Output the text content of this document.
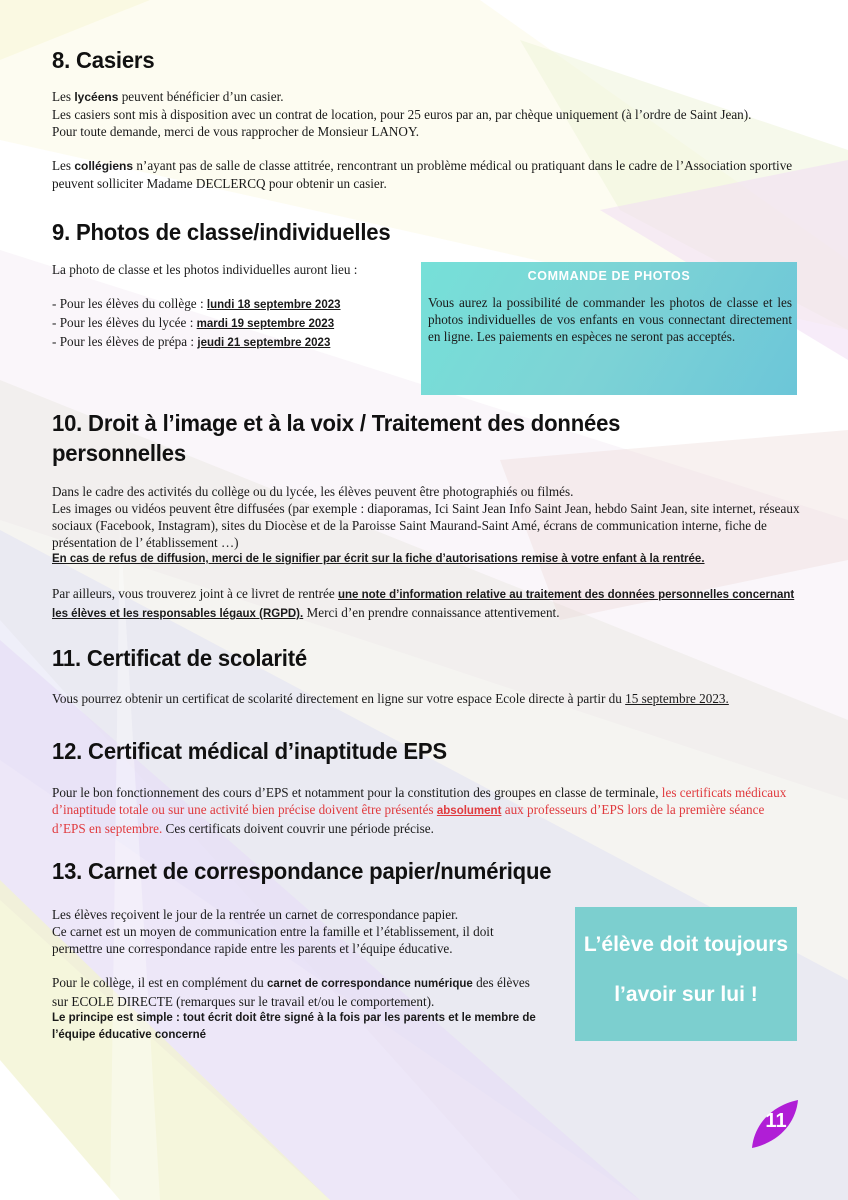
8. Casiers
Les lycéens peuvent bénéficier d’un casier.
Les casiers sont mis à disposition avec un contrat de location, pour 25 euros par an, par chèque uniquement (à l’ordre de Saint Jean).
Pour toute demande, merci de vous rapprocher de Monsieur LANOY.
Les collégiens n’ayant pas de salle de classe attitrée, rencontrant un problème médical ou pratiquant dans le cadre de l’Association sportive peuvent solliciter Madame DECLERCQ pour obtenir un casier.
9. Photos de classe/individuelles
La photo de classe et les photos individuelles auront lieu :
- Pour les élèves du collège : lundi 18 septembre 2023
- Pour les élèves du lycée : mardi 19 septembre 2023
- Pour les élèves de prépa : jeudi 21 septembre 2023
COMMANDE DE PHOTOS
Vous aurez la possibilité de commander les photos de classe et les photos individuelles de vos enfants en vous connectant directement en ligne. Les paiements en espèces ne seront pas acceptés.
10. Droit à l’image et à la voix / Traitement des données
personnelles
Dans le cadre des activités du collège ou du lycée, les élèves peuvent être photographiés ou filmés.
Les images ou vidéos peuvent être diffusées (par exemple : diaporamas, Ici Saint Jean Info Saint Jean, hebdo Saint Jean, site internet, réseaux sociaux (Facebook, Instagram), sites du Diocèse et de la Paroisse Saint Maurand-Saint Amé, écrans de communication interne, fiche de présentation de l’ établissement …)
En cas de refus de diffusion, merci de le signifier par écrit sur la fiche d’autorisations remise à votre enfant à la rentrée.
Par ailleurs, vous trouverez joint à ce livret de rentrée une note d’information relative au traitement des données personnelles concernant les élèves et les responsables légaux (RGPD). Merci d’en prendre connaissance attentivement.
11. Certificat de scolarité
Vous pourrez obtenir un certificat de scolarité directement en ligne sur votre espace Ecole directe à partir du 15 septembre 2023.
12. Certificat médical d’inaptitude EPS
Pour le bon fonctionnement des cours d’EPS et notamment pour la constitution des groupes en classe de terminale, les certificats médicaux d’inaptitude totale ou sur une activité bien précise doivent être présentés absolument aux professeurs d’EPS lors de la première séance d’EPS en septembre. Ces certificats doivent couvrir une période précise.
13. Carnet de correspondance papier/numérique
Les élèves reçoivent le jour de la rentrée un carnet de correspondance papier.
Ce carnet est un moyen de communication entre la famille et l’établissement, il doit permettre une correspondance rapide entre les parents et l’équipe éducative.
Pour le collège, il est en complément du carnet de correspondance numérique des élèves sur ECOLE DIRECTE (remarques sur le travail et/ou le comportement).
Le principe est simple : tout écrit doit être signé à la fois par les parents et le membre de l’équipe éducative concerné
L’élève doit toujours
l’avoir sur lui !
11
